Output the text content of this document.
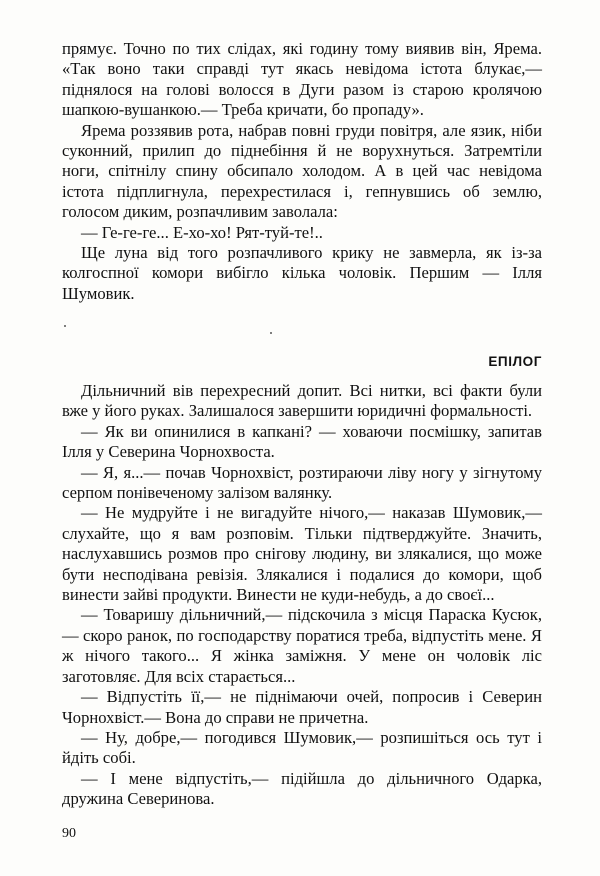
прямує. Точно по тих слідах, які годину тому виявив він, Ярема. «Так воно таки справді тут якась невідома істота блукає,— піднялося на голові волосся в Дуги разом із старою кролячою шапкою-вушанкою.— Треба кричати, бо пропаду».

Ярема роззявив рота, набрав повні груди повітря, але язик, ніби суконний, прилип до піднебіння й не ворухнуться. Затремтіли ноги, спітнілу спину обсипало холодом. А в цей час невідома істота підплигнула, перехрестилася і, гепнувшись об землю, голосом диким, розпачливим заволала:

— Ге-ге-ге... Е-хо-хо! Рят-туй-те!..

Ще луна від того розпачливого крику не завмерла, як із-за колгоспної комори вибігло кілька чоловік. Першим — Ілля Шумовик.

ЕПІЛОГ

Дільничний вів перехресний допит. Всі нитки, всі факти були вже у його руках. Залишалося завершити юридичні формальності.

— Як ви опинилися в капкані? — ховаючи посмішку, запитав Ілля у Северина Чорнохвоста.

— Я, я...— почав Чорнохвіст, розтираючи ліву ногу у зігнутому серпом понівеченому залізом валянку.

— Не мудруйте і не вигадуйте нічого,— наказав Шумовик,— слухайте, що я вам розповім. Тільки підтверджуйте. Значить, наслухавшись розмов про снігову людину, ви злякалися, що може бути несподівана ревізія. Злякалися і подалися до комори, щоб винести зайві продукти. Винести не куди-небудь, а до своєї...

— Товаришу дільничний,— підскочила з місця Параска Кусюк,— скоро ранок, по господарству поратися треба, відпустіть мене. Я ж нічого такого... Я жінка заміжня. У мене он чоловік ліс заготовляє. Для всіх старається...

— Відпустіть її,— не піднімаючи очей, попросив і Северин Чорнохвіст.— Вона до справи не причетна.

— Ну, добре,— погодився Шумовик,— розпишіться ось тут і йдіть собі.

— І мене відпустіть,— підійшла до дільничного Одарка, дружина Северинова.

90
